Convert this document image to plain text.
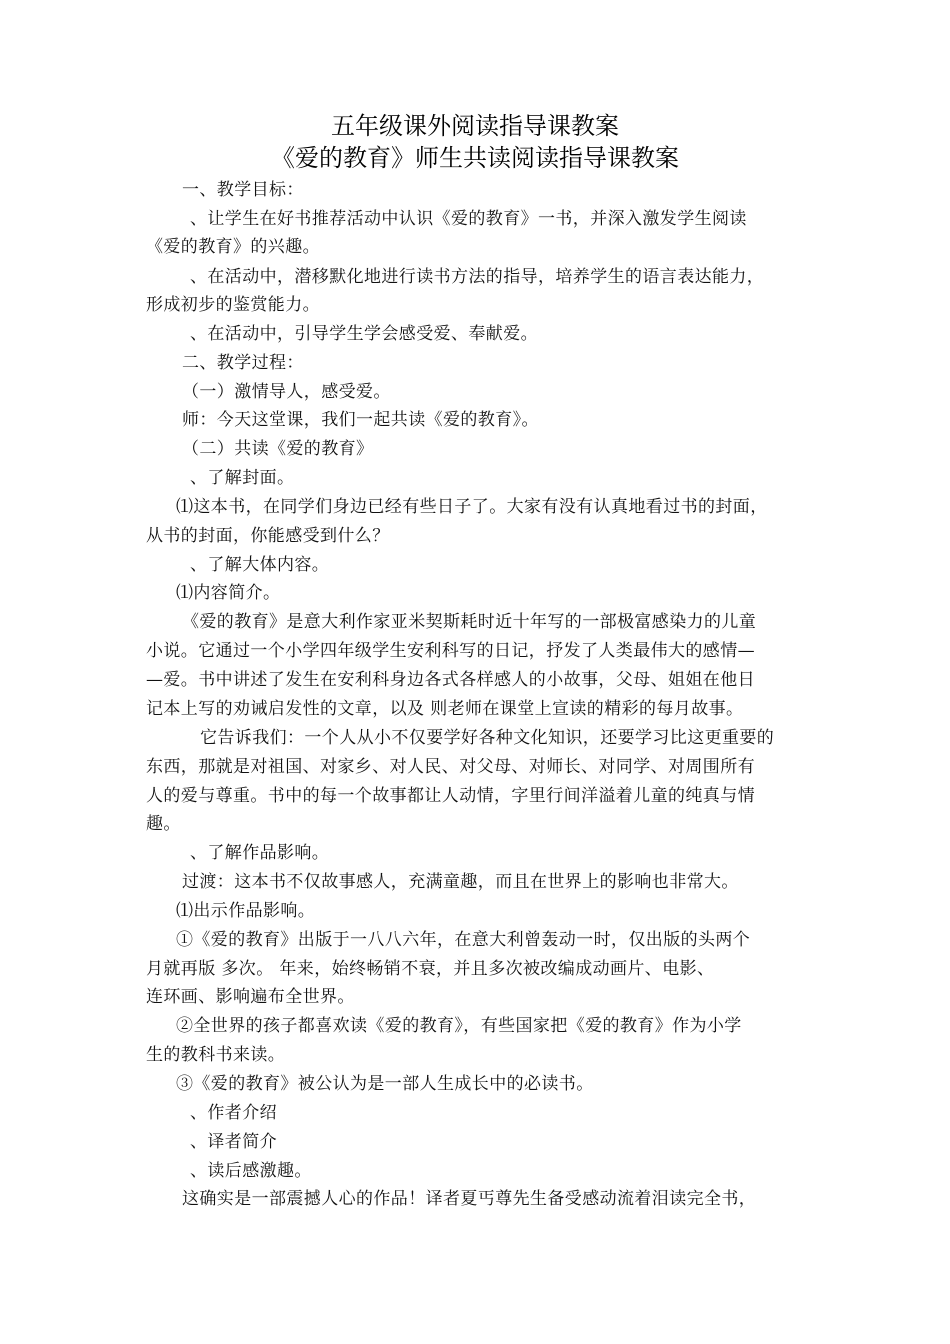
五年级课外阅读指导课教案
《爱的教育》师生共读阅读指导课教案
一、教学目标：
、让学生在好书推荐活动中认识《爱的教育》一书，并深入激发学生阅读
《爱的教育》的兴趣。
、在活动中，潜移默化地进行读书方法的指导，培养学生的语言表达能力，
形成初步的鉴赏能力。
、在活动中，引导学生学会感受爱、奉献爱。
二、教学过程：
（一）激情导人，感受爱。
师：今天这堂课，我们一起共读《爱的教育》。
（二）共读《爱的教育》
、了解封面。
⑴这本书，在同学们身边已经有些日子了。大家有没有认真地看过书的封面，
从书的封面，你能感受到什么？
、了解大体内容。
⑴内容简介。
《爱的教育》是意大利作家亚米契斯耗时近十年写的一部极富感染力的儿童
小说。它通过一个小学四年级学生安利科写的日记，抒发了人类最伟大的感情—
—爱。书中讲述了发生在安利科身边各式各样感人的小故事，父母、姐姐在他日
记本上写的劝诫启发性的文章，以及 则老师在课堂上宣读的精彩的每月故事。
它告诉我们：一个人从小不仅要学好各种文化知识，还要学习比这更重要的
东西，那就是对祖国、对家乡、对人民、对父母、对师长、对同学、对周围所有
人的爱与尊重。书中的每一个故事都让人动情，字里行间洋溢着儿童的纯真与情
趣。
、了解作品影响。
过渡：这本书不仅故事感人，充满童趣，而且在世界上的影响也非常大。
⑴出示作品影响。
①《爱的教育》出版于一八八六年，在意大利曾轰动一时，仅出版的头两个
月就再版 多次。 年来，始终畅销不衰，并且多次被改编成动画片、电影、
连环画、影响遍布全世界。
②全世界的孩子都喜欢读《爱的教育》，有些国家把《爱的教育》作为小学
生的教科书来读。
③《爱的教育》被公认为是一部人生成长中的必读书。
、作者介绍
、译者简介
、读后感激趣。
这确实是一部震撼人心的作品！译者夏丐尊先生备受感动流着泪读完全书，
